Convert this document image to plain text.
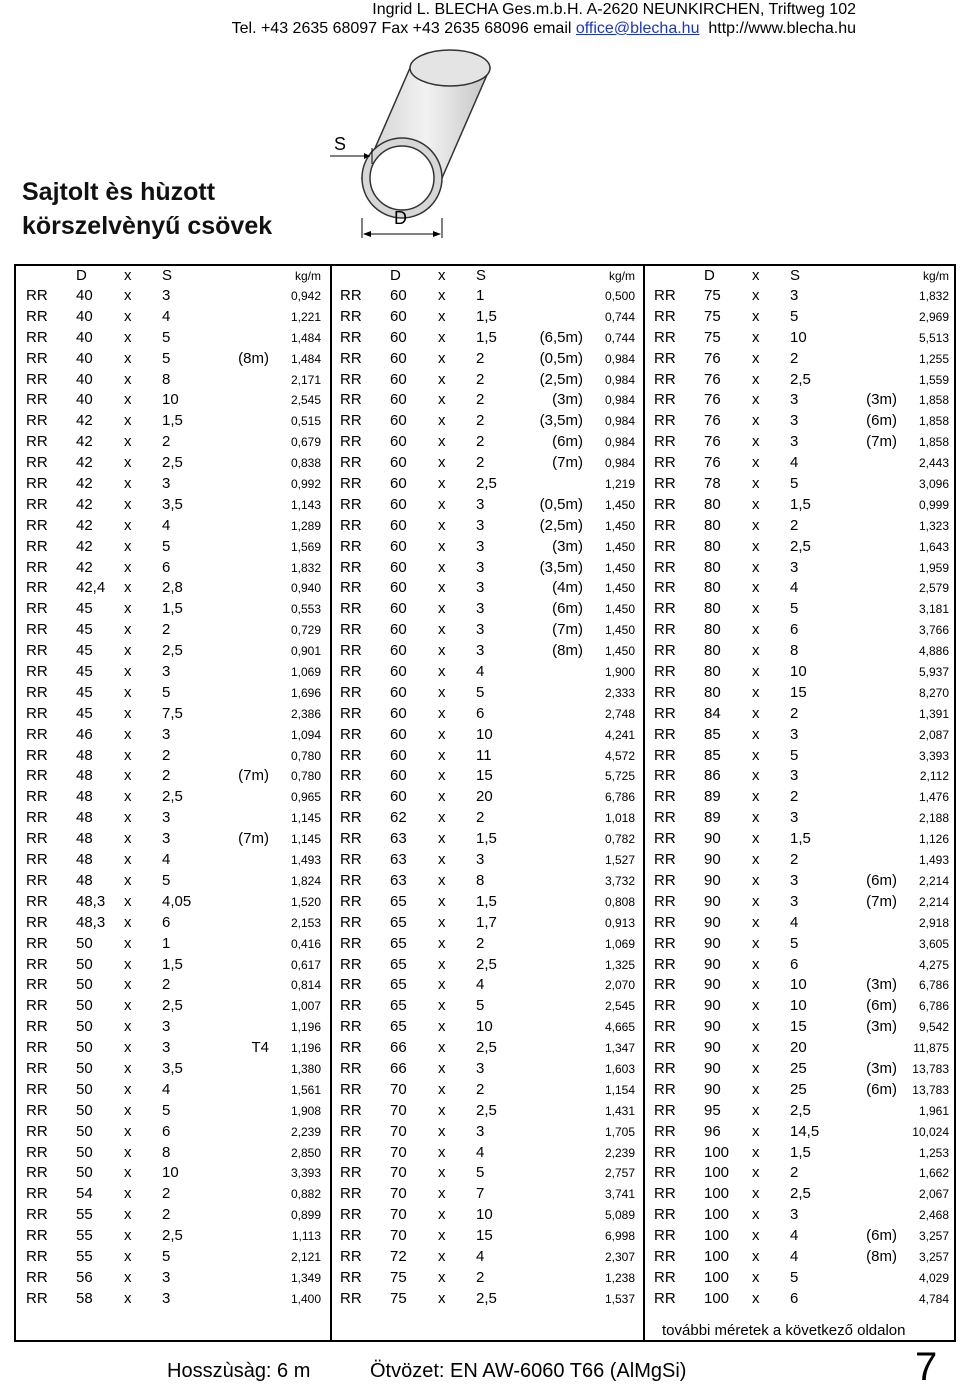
Ingrid L. BLECHA Ges.m.b.H. A-2620 NEUNKIRCHEN, Triftweg 102
Tel. +43 2635 68097 Fax +43 2635 68096 email office@blecha.hu http://www.blecha.hu
Sajtolt ès hùzott
körszelvènyű csövek
S
D
D x S	kg/m
RR 40 x 3	0,942
RR 40 x 4	1,221
RR 40 x 5	1,484
RR 40 x 5	(8m) 1,484
RR 40 x 8	2,171
RR 40 x 10	2,545
RR 42 x 1,5	0,515
RR 42 x 2	0,679
RR 42 x 2,5	0,838
RR 42 x 3	0,992
RR 42 x 3,5	1,143
RR 42 x 4	1,289
RR 42 x 5	1,569
RR 42 x 6	1,832
RR 42,4 x 2,8	0,940
RR 45 x 1,5	0,553
RR 45 x 2	0,729
RR 45 x 2,5	0,901
RR 45 x 3	1,069
RR 45 x 5	1,696
RR 45 x 7,5	2,386
RR 46 x 3	1,094
RR 48 x 2	0,780
RR 48 x 2	(7m) 0,780
RR 48 x 2,5	0,965
RR 48 x 3	1,145
RR 48 x 3	(7m) 1,145
RR 48 x 4	1,493
RR 48 x 5	1,824
RR 48,3 x 4,05	1,520
RR 48,3 x 6	2,153
RR 50 x 1	0,416
RR 50 x 1,5	0,617
RR 50 x 2	0,814
RR 50 x 2,5	1,007
RR 50 x 3	1,196
RR 50 x 3	T4 1,196
RR 50 x 3,5	1,380
RR 50 x 4	1,561
RR 50 x 5	1,908
RR 50 x 6	2,239
RR 50 x 8	2,850
RR 50 x 10	3,393
RR 54 x 2	0,882
RR 55 x 2	0,899
RR 55 x 2,5	1,113
RR 55 x 5	2,121
RR 56 x 3	1,349
RR 58 x 3	1,400
D x S	kg/m
RR 60 x 1	0,500
RR 60 x 1,5	0,744
RR 60 x 1,5	(6,5m) 0,744
RR 60 x 2	(0,5m) 0,984
RR 60 x 2	(2,5m) 0,984
RR 60 x 2	(3m) 0,984
RR 60 x 2	(3,5m) 0,984
RR 60 x 2	(6m) 0,984
RR 60 x 2	(7m) 0,984
RR 60 x 2,5	1,219
RR 60 x 3	(0,5m) 1,450
RR 60 x 3	(2,5m) 1,450
RR 60 x 3	(3m) 1,450
RR 60 x 3	(3,5m) 1,450
RR 60 x 3	(4m) 1,450
RR 60 x 3	(6m) 1,450
RR 60 x 3	(7m) 1,450
RR 60 x 3	(8m) 1,450
RR 60 x 4	1,900
RR 60 x 5	2,333
RR 60 x 6	2,748
RR 60 x 10	4,241
RR 60 x 11	4,572
RR 60 x 15	5,725
RR 60 x 20	6,786
RR 62 x 2	1,018
RR 63 x 1,5	0,782
RR 63 x 3	1,527
RR 63 x 8	3,732
RR 65 x 1,5	0,808
RR 65 x 1,7	0,913
RR 65 x 2	1,069
RR 65 x 2,5	1,325
RR 65 x 4	2,070
RR 65 x 5	2,545
RR 65 x 10	4,665
RR 66 x 2,5	1,347
RR 66 x 3	1,603
RR 70 x 2	1,154
RR 70 x 2,5	1,431
RR 70 x 3	1,705
RR 70 x 4	2,239
RR 70 x 5	2,757
RR 70 x 7	3,741
RR 70 x 10	5,089
RR 70 x 15	6,998
RR 72 x 4	2,307
RR 75 x 2	1,238
RR 75 x 2,5	1,537
D x S	kg/m
RR 75 x 3	1,832
RR 75 x 5	2,969
RR 75 x 10	5,513
RR 76 x 2	1,255
RR 76 x 2,5	1,559
RR 76 x 3	(3m) 1,858
RR 76 x 3	(6m) 1,858
RR 76 x 3	(7m) 1,858
RR 76 x 4	2,443
RR 78 x 5	3,096
RR 80 x 1,5	0,999
RR 80 x 2	1,323
RR 80 x 2,5	1,643
RR 80 x 3	1,959
RR 80 x 4	2,579
RR 80 x 5	3,181
RR 80 x 6	3,766
RR 80 x 8	4,886
RR 80 x 10	5,937
RR 80 x 15	8,270
RR 84 x 2	1,391
RR 85 x 3	2,087
RR 85 x 5	3,393
RR 86 x 3	2,112
RR 89 x 2	1,476
RR 89 x 3	2,188
RR 90 x 1,5	1,126
RR 90 x 2	1,493
RR 90 x 3	(6m) 2,214
RR 90 x 3	(7m) 2,214
RR 90 x 4	2,918
RR 90 x 5	3,605
RR 90 x 6	4,275
RR 90 x 10	(3m) 6,786
RR 90 x 10	(6m) 6,786
RR 90 x 15	(3m) 9,542
RR 90 x 20	11,875
RR 90 x 25	(3m) 13,783
RR 90 x 25	(6m) 13,783
RR 95 x 2,5	1,961
RR 96 x 14,5	10,024
RR 100 x 1,5	1,253
RR 100 x 2	1,662
RR 100 x 2,5	2,067
RR 100 x 3	2,468
RR 100 x 4	(6m) 3,257
RR 100 x 4	(8m) 3,257
RR 100 x 5	4,029
RR 100 x 6	4,784
további méretek a következő oldalon
Hosszùsàg: 6 m	Ötvözet: EN AW-6060 T66 (AlMgSi)	7
